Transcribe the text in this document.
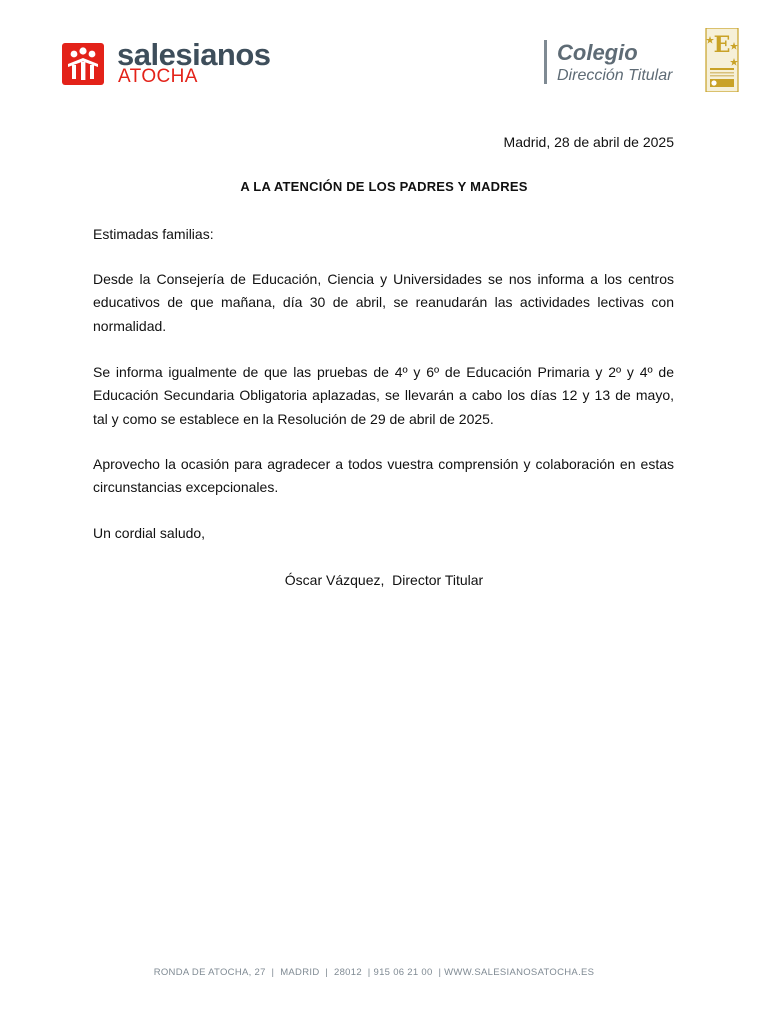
salesianos
ATOCHA
Colegio
Dirección Titular
E
Madrid, 28 de abril de 2025
A LA ATENCIÓN DE LOS PADRES Y MADRES

Estimadas familias:

Desde la Consejería de Educación, Ciencia y Universidades se nos informa a los centros educativos de que mañana, día 30 de abril, se reanudarán las actividades lectivas con normalidad.

Se informa igualmente de que las pruebas de 4º y 6º de Educación Primaria y 2º y 4º de Educación Secundaria Obligatoria aplazadas, se llevarán a cabo los días 12 y 13 de mayo, tal y como se establece en la Resolución de 29 de abril de 2025.

Aprovecho la ocasión para agradecer a todos vuestra comprensión y colaboración en estas circunstancias excepcionales.

Un cordial saludo,

Óscar Vázquez,  Director Titular
RONDA DE ATOCHA, 27  |  MADRID  |  28012  | 915 06 21 00  | WWW.SALESIANOSATOCHA.ES
